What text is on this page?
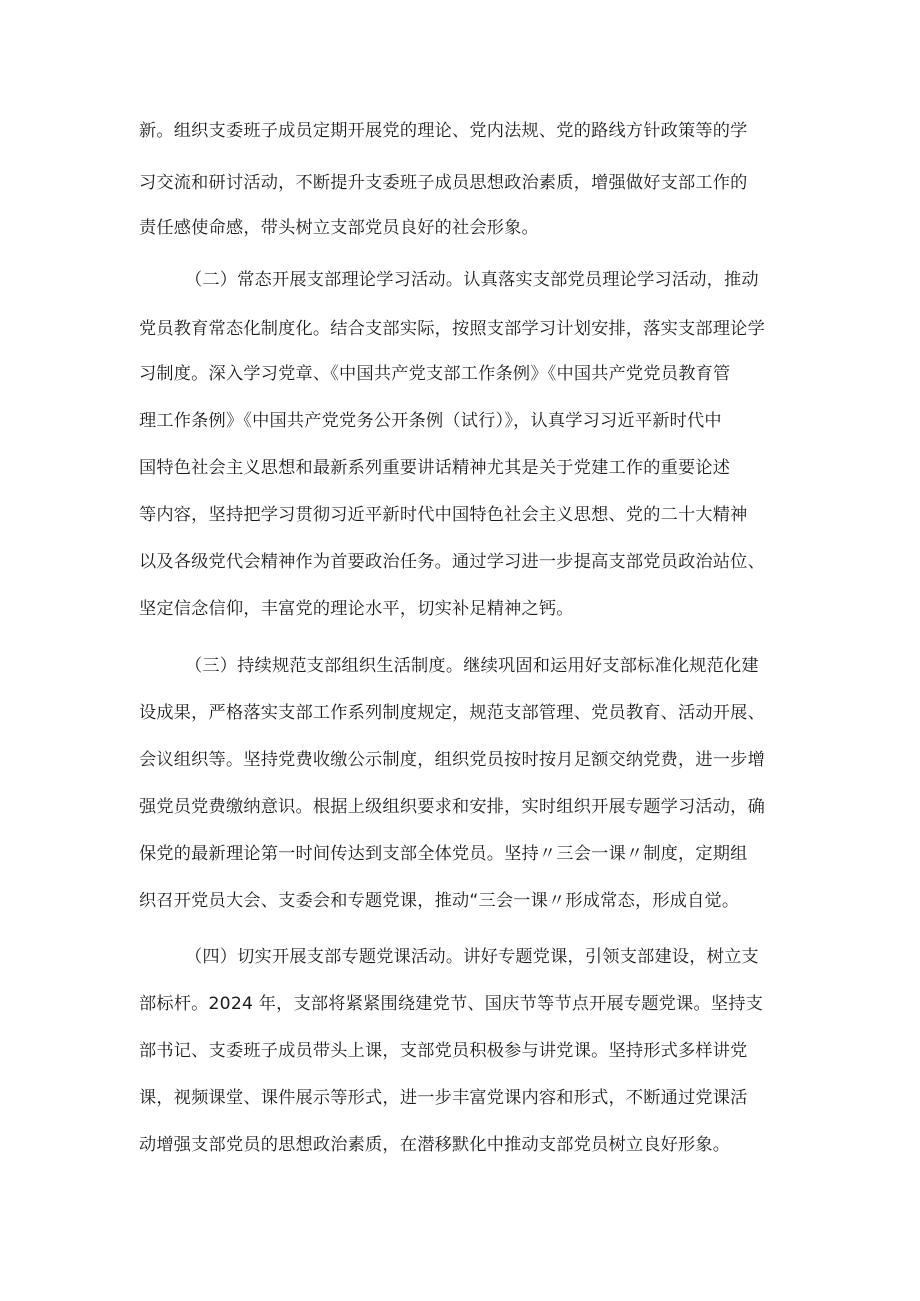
新。组织支委班子成员定期开展党的理论、党内法规、党的路线方针政策等的学
习交流和研讨活动，不断提升支委班子成员思想政治素质，增强做好支部工作的
责任感使命感，带头树立支部党员良好的社会形象。
（二）常态开展支部理论学习活动。认真落实支部党员理论学习活动，推动
党员教育常态化制度化。结合支部实际，按照支部学习计划安排，落实支部理论学
习制度。深入学习党章、《中国共产党支部工作条例》《中国共产党党员教育管
理工作条例》《中国共产党党务公开条例（试行）》，认真学习习近平新时代中
国特色社会主义思想和最新系列重要讲话精神尤其是关于党建工作的重要论述
等内容，坚持把学习贯彻习近平新时代中国特色社会主义思想、党的二十大精神
以及各级党代会精神作为首要政治任务。通过学习进一步提高支部党员政治站位、
坚定信念信仰，丰富党的理论水平，切实补足精神之钙。
（三）持续规范支部组织生活制度。继续巩固和运用好支部标准化规范化建
设成果，严格落实支部工作系列制度规定，规范支部管理、党员教育、活动开展、
会议组织等。坚持党费收缴公示制度，组织党员按时按月足额交纳党费，进一步增
强党员党费缴纳意识。根据上级组织要求和安排，实时组织开展专题学习活动，确
保党的最新理论第一时间传达到支部全体党员。坚持〃三会一课〃制度，定期组
织召开党员大会、支委会和专题党课，推动“三会一课〃形成常态，形成自觉。
（四）切实开展支部专题党课活动。讲好专题党课，引领支部建设，树立支
部标杆。2024 年，支部将紧紧围绕建党节、国庆节等节点开展专题党课。坚持支
部书记、支委班子成员带头上课，支部党员积极参与讲党课。坚持形式多样讲党
课，视频课堂、课件展示等形式，进一步丰富党课内容和形式，不断通过党课活
动增强支部党员的思想政治素质，在潜移默化中推动支部党员树立良好形象。
